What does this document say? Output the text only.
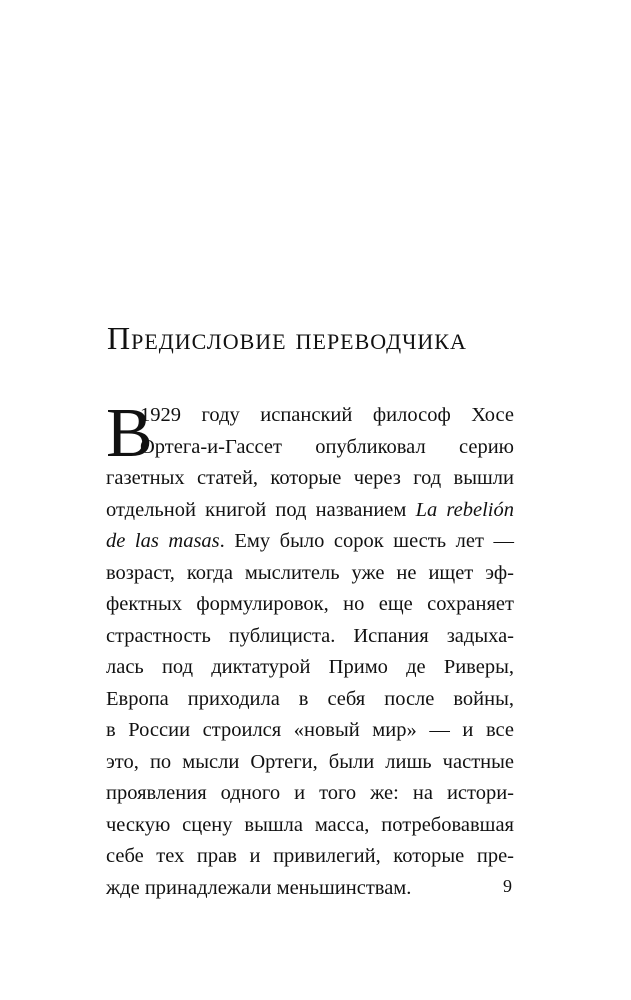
Предисловие переводчика
В
1929 году испанский философ Хосе
Ортега-и-Гассет опубликовал серию
газетных статей, которые через год вышли
отдельной книгой под названием La rebelión
de las masas. Ему было сорок шесть лет —
возраст, когда мыслитель уже не ищет эф-
фектных формулировок, но еще сохраняет
страстность публициста. Испания задыха-
лась под диктатурой Примо де Риверы,
Европа приходила в себя после войны,
в России строился «новый мир» — и все
это, по мысли Ортеги, были лишь частные
проявления одного и того же: на истори-
ческую сцену вышла масса, потребовавшая
себе тех прав и привилегий, которые пре-
жде принадлежали меньшинствам.	9
